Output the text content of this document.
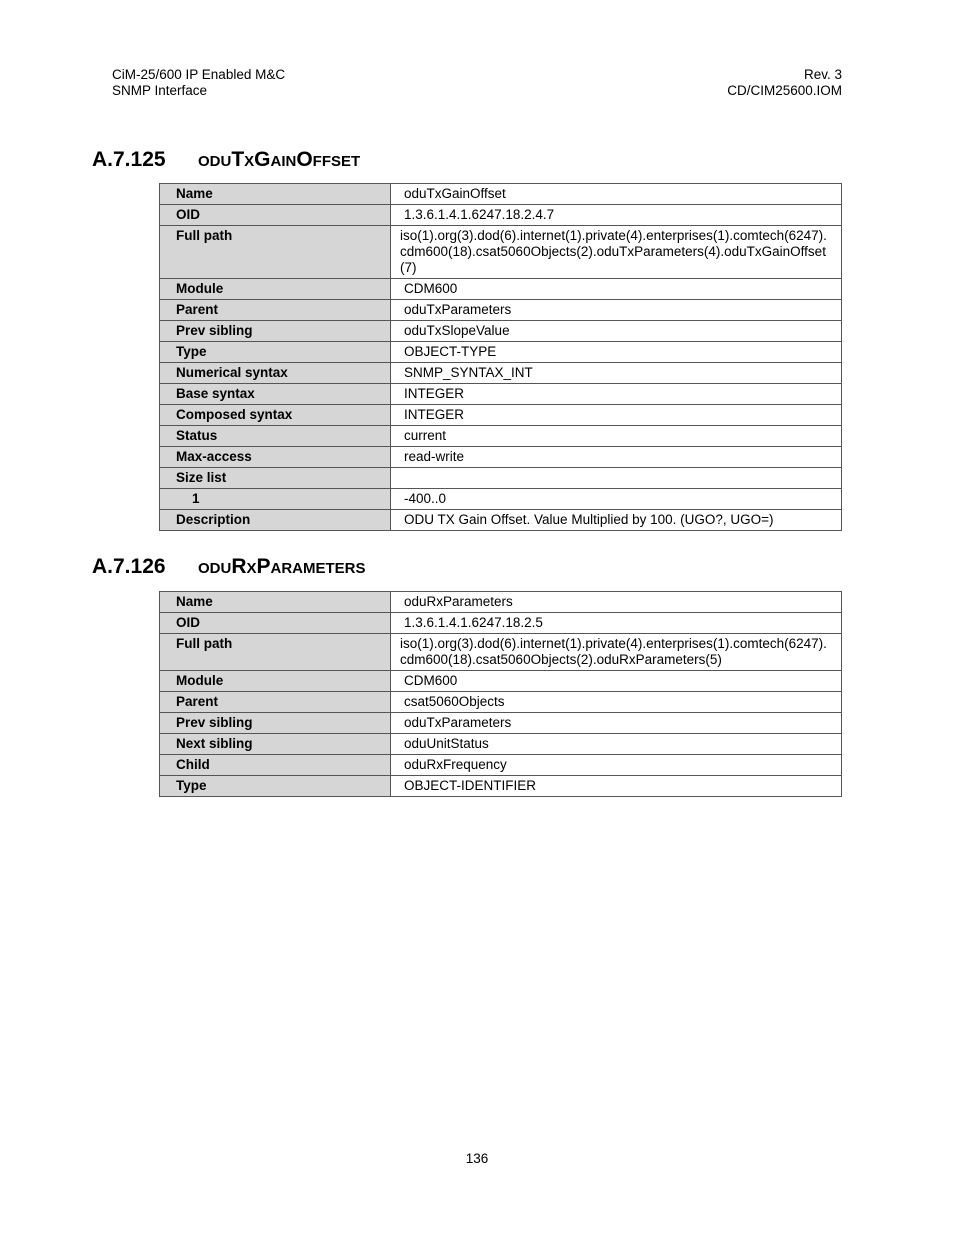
CiM-25/600 IP Enabled M&C
SNMP Interface
Rev. 3
CD/CIM25600.IOM
A.7.125 oduTxGainOffset
Name	oduTxGainOffset
OID	1.3.6.1.4.1.6247.18.2.4.7
Full path	iso(1).org(3).dod(6).internet(1).private(4).enterprises(1).comtech(6247).cdm600(18).csat5060Objects(2).oduTxParameters(4).oduTxGainOffset(7)
Module	CDM600
Parent	oduTxParameters
Prev sibling	oduTxSlopeValue
Type	OBJECT-TYPE
Numerical syntax	SNMP_SYNTAX_INT
Base syntax	INTEGER
Composed syntax	INTEGER
Status	current
Max-access	read-write
Size list	
1	-400..0
Description	ODU TX Gain Offset. Value Multiplied by 100. (UGO?, UGO=)
A.7.126 oduRxParameters
Name	oduRxParameters
OID	1.3.6.1.4.1.6247.18.2.5
Full path	iso(1).org(3).dod(6).internet(1).private(4).enterprises(1).comtech(6247).cdm600(18).csat5060Objects(2).oduRxParameters(5)
Module	CDM600
Parent	csat5060Objects
Prev sibling	oduTxParameters
Next sibling	oduUnitStatus
Child	oduRxFrequency
Type	OBJECT-IDENTIFIER
136
